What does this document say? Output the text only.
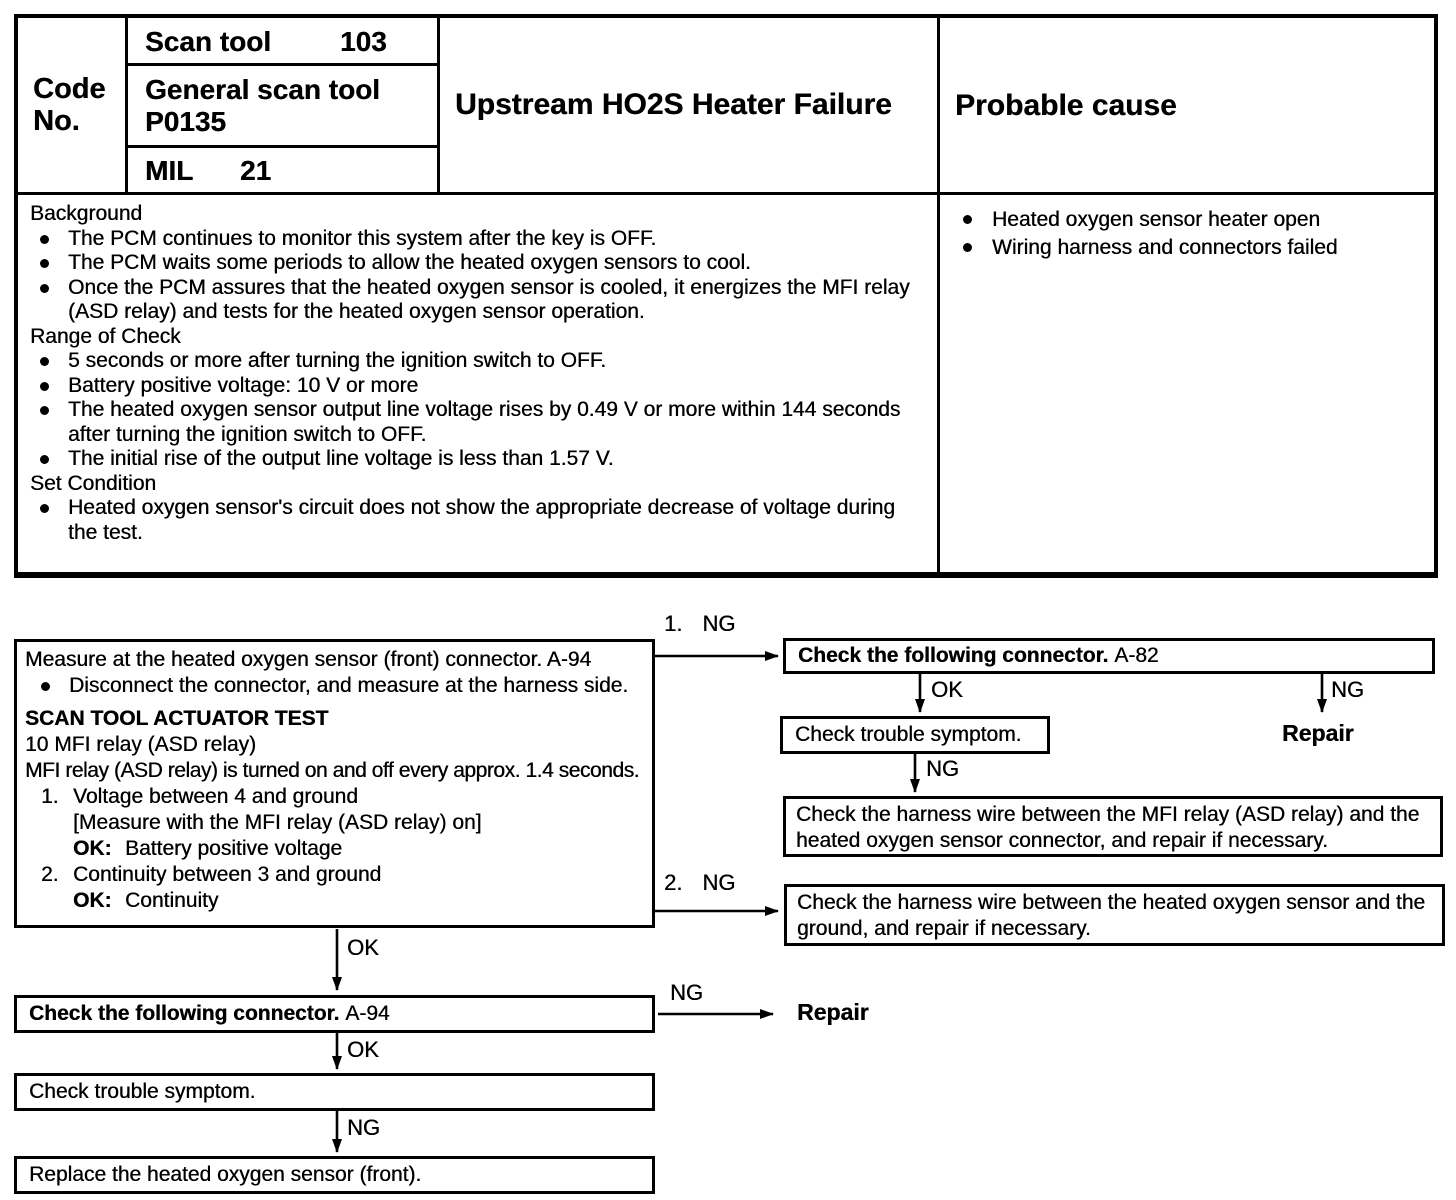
Code No.
Scan tool 103
General scan tool
P0135
MIL 21
Upstream HO2S Heater Failure Probable cause
Background
The PCM continues to monitor this system after the key is OFF.
The PCM waits some periods to allow the heated oxygen sensors to cool.
Once the PCM assures that the heated oxygen sensor is cooled, it energizes the MFI relay (ASD relay) and tests for the heated oxygen sensor operation.
Range of Check
5 seconds or more after turning the ignition switch to OFF.
Battery positive voltage: 10 V or more
The heated oxygen sensor output line voltage rises by 0.49 V or more within 144 seconds after turning the ignition switch to OFF.
The initial rise of the output line voltage is less than 1.57 V.
Set Condition
Heated oxygen sensor's circuit does not show the appropriate decrease of voltage during the test.
Heated oxygen sensor heater open
Wiring harness and connectors failed
Measure at the heated oxygen sensor (front) connector. A-94
Disconnect the connector, and measure at the harness side.
SCAN TOOL ACTUATOR TEST
10 MFI relay (ASD relay)
MFI relay (ASD relay) is turned on and off every approx. 1.4 seconds.
1. Voltage between 4 and ground
[Measure with the MFI relay (ASD relay) on]
OK: Battery positive voltage
2. Continuity between 3 and ground
OK: Continuity
Check the following connector. A-82
Check trouble symptom.
Check the harness wire between the MFI relay (ASD relay) and the heated oxygen sensor connector, and repair if necessary.
Check the harness wire between the heated oxygen sensor and the ground, and repair if necessary.
Check the following connector. A-94
Check trouble symptom.
Replace the heated oxygen sensor (front).
1. NG
OK	NG
Repair
NG
2. NG
OK
NG
Repair
OK
NG
